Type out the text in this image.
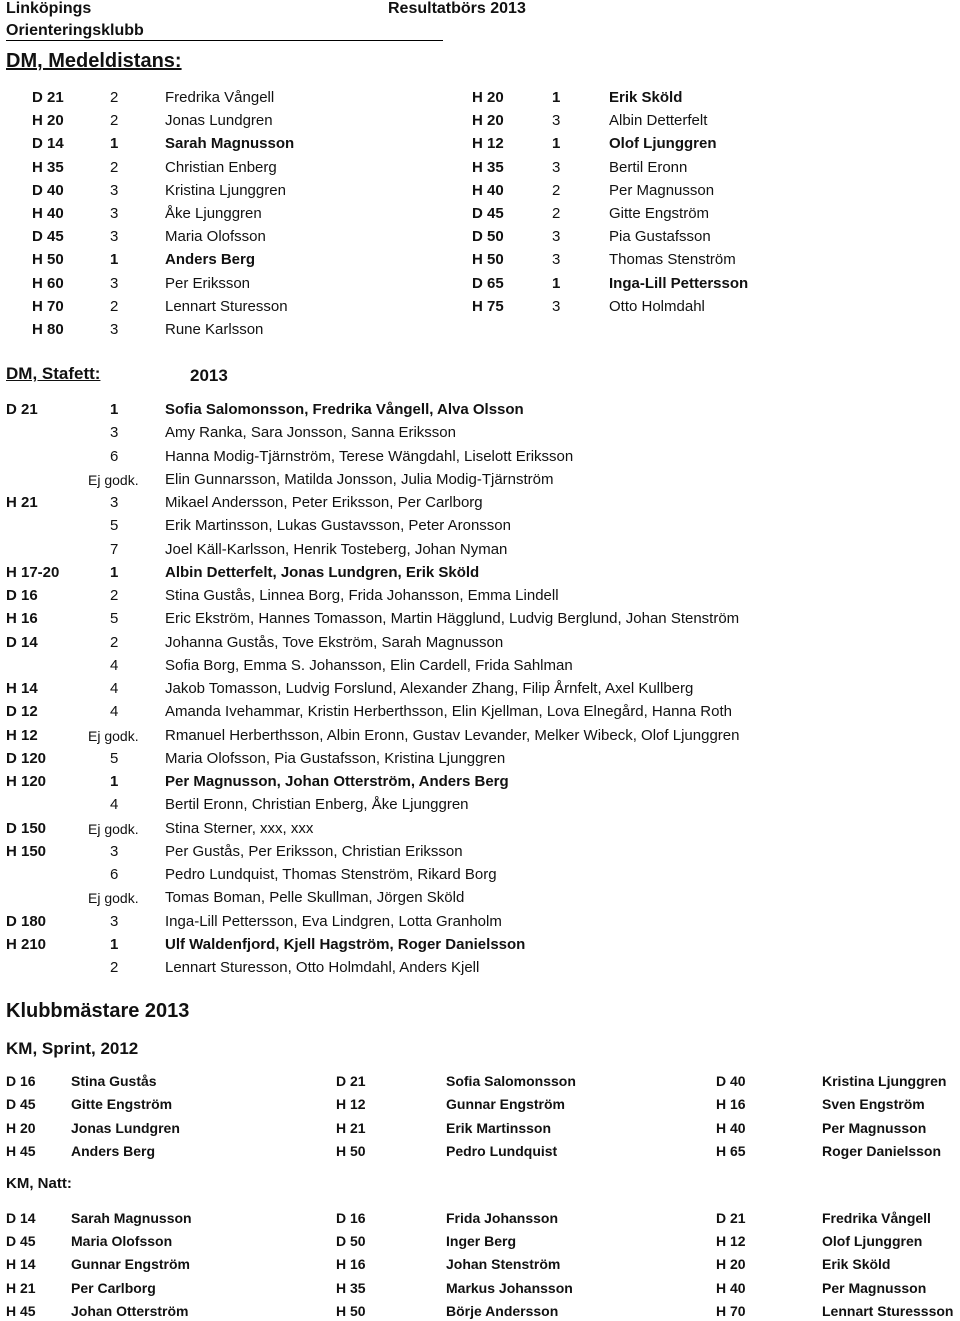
Linköpings
Orienteringsklubb
Resultatbörs 2013
DM, Medeldistans:
D 21	2	Fredrika Vångell
H 20	2	Jonas Lundgren
D 14	1	Sarah Magnusson
H 35	2	Christian Enberg
D 40	3	Kristina Ljunggren
H 40	3	Åke Ljunggren
D 45	3	Maria Olofsson
H 50	1	Anders Berg
H 60	3	Per Eriksson
H 70	2	Lennart Sturesson
H 80	3	Rune Karlsson
H 20	1	Erik Sköld
H 20	3	Albin Detterfelt
H 12	1	Olof Ljunggren
H 35	3	Bertil Eronn
H 40	2	Per Magnusson
D 45	2	Gitte Engström
D 50	3	Pia Gustafsson
H 50	3	Thomas Stenström
D 65	1	Inga-Lill Pettersson
H 75	3	Otto Holmdahl
DM, Stafett:	2013
D 21	1	Sofia Salomonsson, Fredrika Vångell, Alva Olsson
3	Amy Ranka, Sara Jonsson, Sanna Eriksson
6	Hanna Modig-Tjärnström, Terese Wängdahl, Liselott Eriksson
Ej godk. Elin Gunnarsson, Matilda Jonsson, Julia Modig-Tjärnström
H 21	3	Mikael Andersson, Peter Eriksson, Per Carlborg
5	Erik Martinsson, Lukas Gustavsson, Peter Aronsson
7	Joel Käll-Karlsson, Henrik Tosteberg, Johan Nyman
H 17-20	1	Albin Detterfelt, Jonas Lundgren, Erik Sköld
D 16	2	Stina Gustås, Linnea Borg, Frida Johansson, Emma Lindell
H 16	5	Eric Ekström, Hannes Tomasson, Martin Hägglund, Ludvig Berglund, Johan Stenström
D 14	2	Johanna Gustås, Tove Ekström, Sarah Magnusson
4	Sofia Borg, Emma S. Johansson, Elin Cardell, Frida Sahlman
H 14	4	Jakob Tomasson, Ludvig Forslund, Alexander Zhang, Filip Årnfelt, Axel Kullberg
D 12	4	Amanda Ivehammar, Kristin Herberthsson, Elin Kjellman, Lova Elnegård, Hanna Roth
H 12	Ej godk. Rmanuel Herberthsson, Albin Eronn, Gustav Levander, Melker Wibeck, Olof Ljunggren
D 120	5	Maria Olofsson, Pia Gustafsson, Kristina Ljunggren
H 120	1	Per Magnusson, Johan Otterström, Anders Berg
4	Bertil Eronn, Christian Enberg, Åke Ljunggren
D 150	Ej godk. Stina Sterner, xxx, xxx
H 150	3	Per Gustås, Per Eriksson, Christian Eriksson
6	Pedro Lundquist, Thomas Stenström, Rikard Borg
Ej godk. Tomas Boman, Pelle Skullman, Jörgen Sköld
D 180	3	Inga-Lill Pettersson, Eva Lindgren, Lotta Granholm
H 210	1	Ulf Waldenfjord, Kjell Hagström, Roger Danielsson
2	Lennart Sturesson, Otto Holmdahl, Anders Kjell
Klubbmästare 2013
KM, Sprint, 2012
D 16	Stina Gustås	D 21	Sofia Salomonsson	D 40	Kristina Ljunggren
D 45	Gitte Engström	H 12	Gunnar Engström	H 16	Sven Engström
H 20	Jonas Lundgren	H 21	Erik Martinsson	H 40	Per Magnusson
H 45	Anders Berg	H 50	Pedro Lundquist	H 65	Roger Danielsson
KM, Natt:
D 14	Sarah Magnusson	D 16	Frida Johansson	D 21	Fredrika Vångell
D 45	Maria Olofsson	D 50	Inger Berg	H 12	Olof Ljunggren
H 14	Gunnar Engström	H 16	Johan Stenström	H 20	Erik Sköld
H 21	Per Carlborg	H 35	Markus Johansson	H 40	Per Magnusson
H 45	Johan Otterström	H 50	Börje Andersson	H 70	Lennart Sturessson
